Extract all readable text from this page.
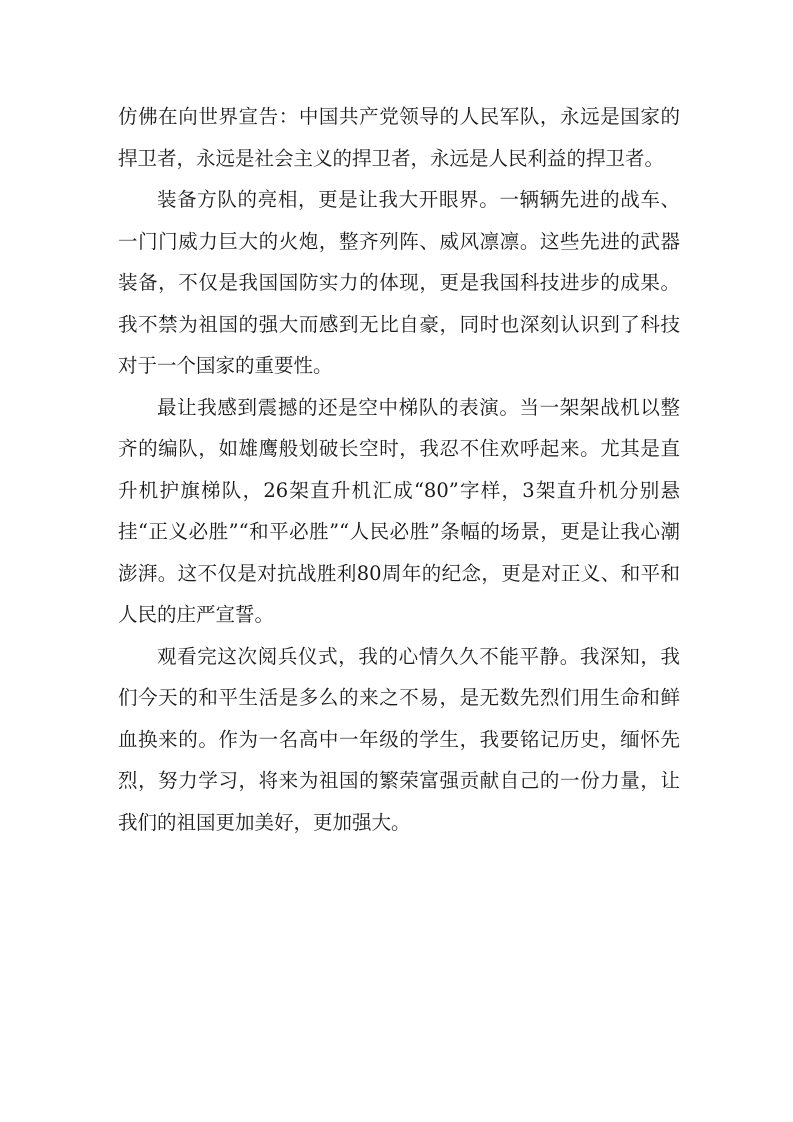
仿佛在向世界宣告：中国共产党领导的人民军队，永远是国家的捍卫者，永远是社会主义的捍卫者，永远是人民利益的捍卫者。

装备方队的亮相，更是让我大开眼界。一辆辆先进的战车、一门门威力巨大的火炮，整齐列阵、威风凛凛。这些先进的武器装备，不仅是我国国防实力的体现，更是我国科技进步的成果。我不禁为祖国的强大而感到无比自豪，同时也深刻认识到了科技对于一个国家的重要性。

最让我感到震撼的还是空中梯队的表演。当一架架战机以整齐的编队，如雄鹰般划破长空时，我忍不住欢呼起来。尤其是直升机护旗梯队，26架直升机汇成“80”字样，3架直升机分别悬挂“正义必胜”“和平必胜”“人民必胜”条幅的场景，更是让我心潮澎湃。这不仅是对抗战胜利80周年的纪念，更是对正义、和平和人民的庄严宣誓。

观看完这次阅兵仪式，我的心情久久不能平静。我深知，我们今天的和平生活是多么的来之不易，是无数先烈们用生命和鲜血换来的。作为一名高中一年级的学生，我要铭记历史，缅怀先烈，努力学习，将来为祖国的繁荣富强贡献自己的一份力量，让我们的祖国更加美好，更加强大。
